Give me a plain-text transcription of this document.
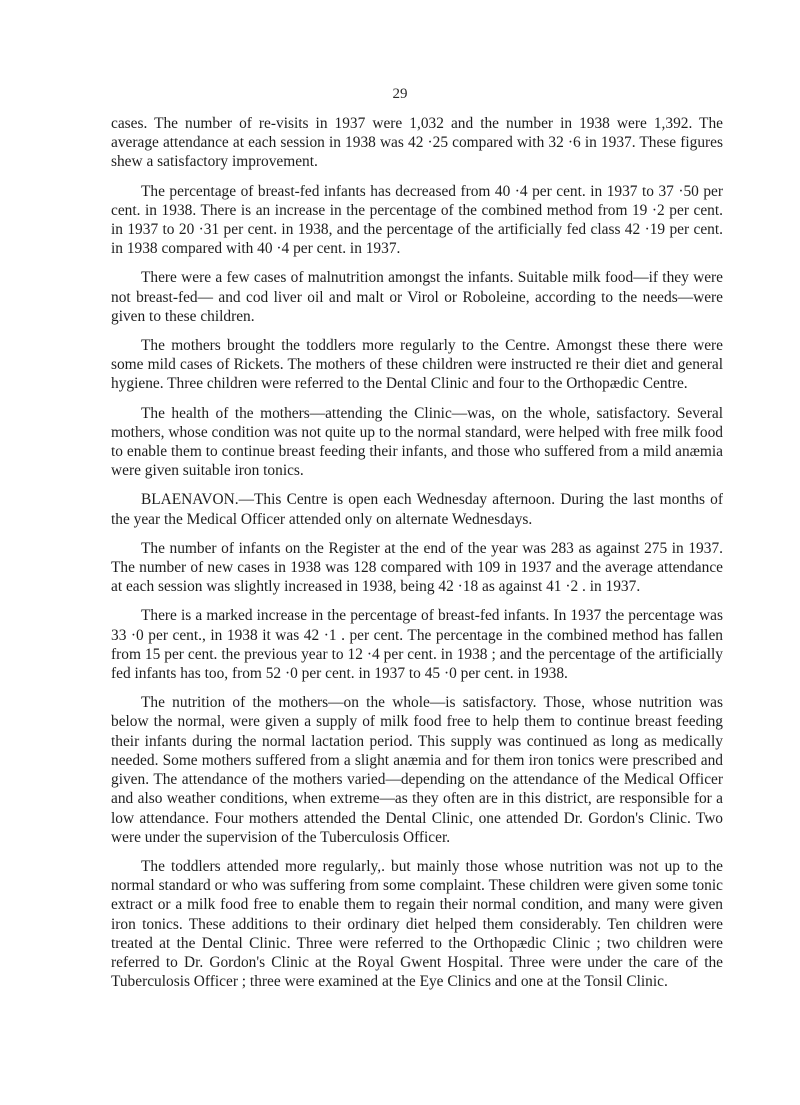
29

cases. The number of re-visits in 1937 were 1,032 and the number in 1938 were 1,392. The average attendance at each session in 1938 was 42 ·25 compared with 32 ·6 in 1937. These figures shew a satisfactory improvement.

The percentage of breast-fed infants has decreased from 40 ·4 per cent. in 1937 to 37 ·50 per cent. in 1938. There is an increase in the percentage of the combined method from 19 ·2 per cent. in 1937 to 20 ·31 per cent. in 1938, and the percentage of the artificially fed class 42 ·19 per cent. in 1938 compared with 40 ·4 per cent. in 1937.

There were a few cases of malnutrition amongst the infants. Suitable milk food—if they were not breast-fed— and cod liver oil and malt or Virol or Roboleine, according to the needs—were given to these children.

The mothers brought the toddlers more regularly to the Centre. Amongst these there were some mild cases of Rickets. The mothers of these children were instructed re their diet and general hygiene. Three children were referred to the Dental Clinic and four to the Orthopædic Centre.

The health of the mothers—attending the Clinic—was, on the whole, satisfactory. Several mothers, whose condition was not quite up to the normal standard, were helped with free milk food to enable them to continue breast feeding their infants, and those who suffered from a mild anæmia were given suitable iron tonics.

BLAENAVON.—This Centre is open each Wednesday afternoon. During the last months of the year the Medical Officer attended only on alternate Wednesdays.

The number of infants on the Register at the end of the year was 283 as against 275 in 1937. The number of new cases in 1938 was 128 compared with 109 in 1937 and the average attendance at each session was slightly increased in 1938, being 42 ·18 as against 41 ·2 . in 1937.

There is a marked increase in the percentage of breast-fed infants. In 1937 the percentage was 33 ·0 per cent., in 1938 it was 42 ·1 . per cent. The percentage in the combined method has fallen from 15 per cent. the previous year to 12 ·4 per cent. in 1938 ; and the percentage of the artificially fed infants has too, from 52 ·0 per cent. in 1937 to 45 ·0 per cent. in 1938.

The nutrition of the mothers—on the whole—is satisfactory. Those, whose nutrition was below the normal, were given a supply of milk food free to help them to continue breast feeding their infants during the normal lactation period. This supply was continued as long as medically needed. Some mothers suffered from a slight anæmia and for them iron tonics were prescribed and given. The attendance of the mothers varied—depending on the attendance of the Medical Officer and also weather conditions, when extreme—as they often are in this district, are responsible for a low attendance. Four mothers attended the Dental Clinic, one attended Dr. Gordon's Clinic. Two were under the supervision of the Tuberculosis Officer.

The toddlers attended more regularly,. but mainly those whose nutrition was not up to the normal standard or who was suffering from some complaint. These children were given some tonic extract or a milk food free to enable them to regain their normal condition, and many were given iron tonics. These additions to their ordinary diet helped them considerably. Ten children were treated at the Dental Clinic. Three were referred to the Orthopædic Clinic ; two children were referred to Dr. Gordon's Clinic at the Royal Gwent Hospital. Three were under the care of the Tuberculosis Officer ; three were examined at the Eye Clinics and one at the Tonsil Clinic.
